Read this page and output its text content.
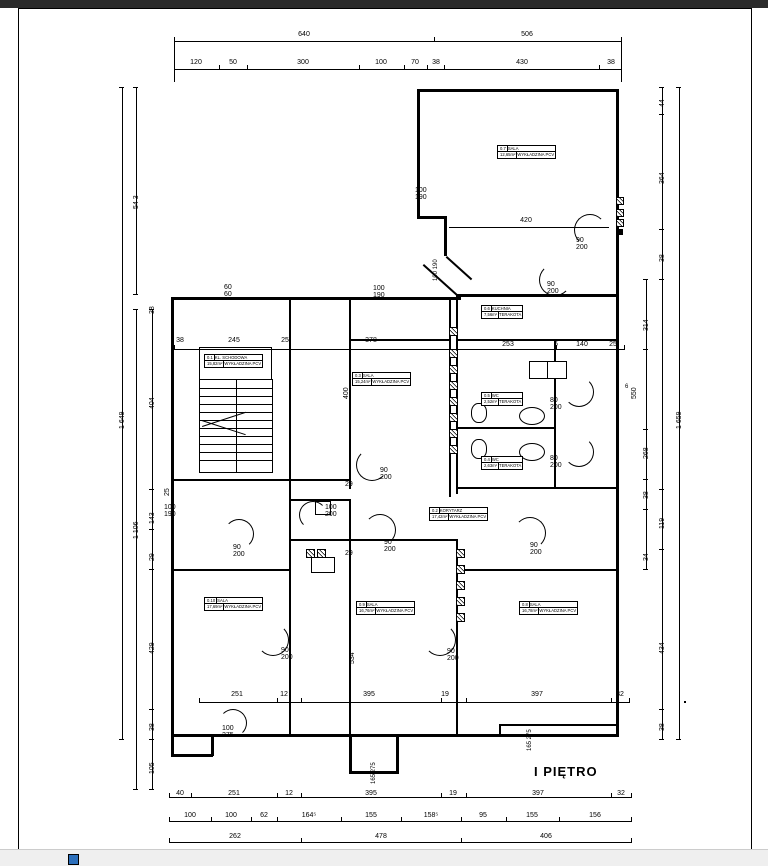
0.1 KL. SCHODOWA
15,82m² WYKŁADZINA PCV
0.3 SALA
15,24m² WYKŁADZINA PCV
0.6 KUCHNIA
7,56m² TERAKOTA
0.7 SALA
12,65m² WYKŁADZINA PCV
0.5 WC
2,52m² TERAKOTA
0.4 WC
2,63m² TERAKOTA
0.2 KORYTARZ
17,42m² WYKŁADZINA PCV
0.10 SALA
17,69m² WYKŁADZINA PCV	0.9 SALA
16,76m² WYKŁADZINA PCV
0.8 SALA
16,78m² WYKŁADZINA PCV
640	506
120	50	300	100	70 38	430	38
1 649
54 3
1 106
404
143
29
429
38
105
38
25
100
190
1 659
44
364
38
119
434
38
314
268
38
34
550
6
245	25	378
253	6	140	25
38
420
251	12	395	19	397	32
400
534
60
60
100
190
100
190
100 190
90
200
90
200
80
200
80
200
90
200
90
200
90
200
100
200
90
200
90
200
90
200
100
275
165 275
165 275
29
29
40	251	12	395	19	397	32
100	100	62	164⁵	155	158⁵	95	155	156
262	478	406
I PIĘTRO
